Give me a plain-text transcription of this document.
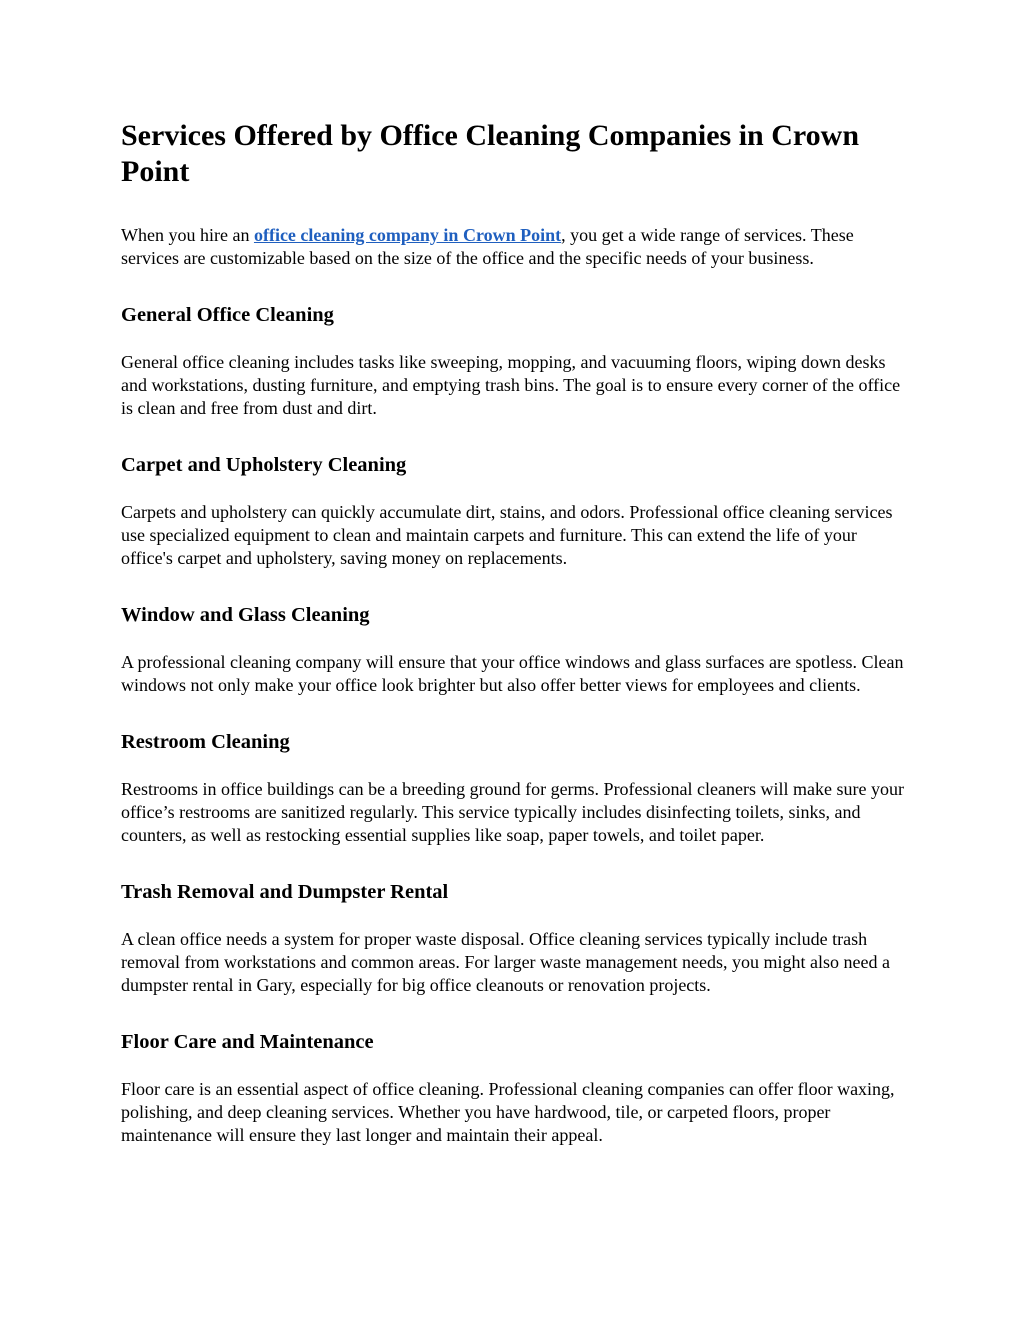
Services Offered by Office Cleaning Companies in Crown Point

When you hire an office cleaning company in Crown Point, you get a wide range of services. These services are customizable based on the size of the office and the specific needs of your business.

General Office Cleaning

General office cleaning includes tasks like sweeping, mopping, and vacuuming floors, wiping down desks and workstations, dusting furniture, and emptying trash bins. The goal is to ensure every corner of the office is clean and free from dust and dirt.

Carpet and Upholstery Cleaning

Carpets and upholstery can quickly accumulate dirt, stains, and odors. Professional office cleaning services use specialized equipment to clean and maintain carpets and furniture. This can extend the life of your office's carpet and upholstery, saving money on replacements.

Window and Glass Cleaning

A professional cleaning company will ensure that your office windows and glass surfaces are spotless. Clean windows not only make your office look brighter but also offer better views for employees and clients.

Restroom Cleaning

Restrooms in office buildings can be a breeding ground for germs. Professional cleaners will make sure your office’s restrooms are sanitized regularly. This service typically includes disinfecting toilets, sinks, and counters, as well as restocking essential supplies like soap, paper towels, and toilet paper.

Trash Removal and Dumpster Rental

A clean office needs a system for proper waste disposal. Office cleaning services typically include trash removal from workstations and common areas. For larger waste management needs, you might also need a dumpster rental in Gary, especially for big office cleanouts or renovation projects.

Floor Care and Maintenance

Floor care is an essential aspect of office cleaning. Professional cleaning companies can offer floor waxing, polishing, and deep cleaning services. Whether you have hardwood, tile, or carpeted floors, proper maintenance will ensure they last longer and maintain their appeal.
